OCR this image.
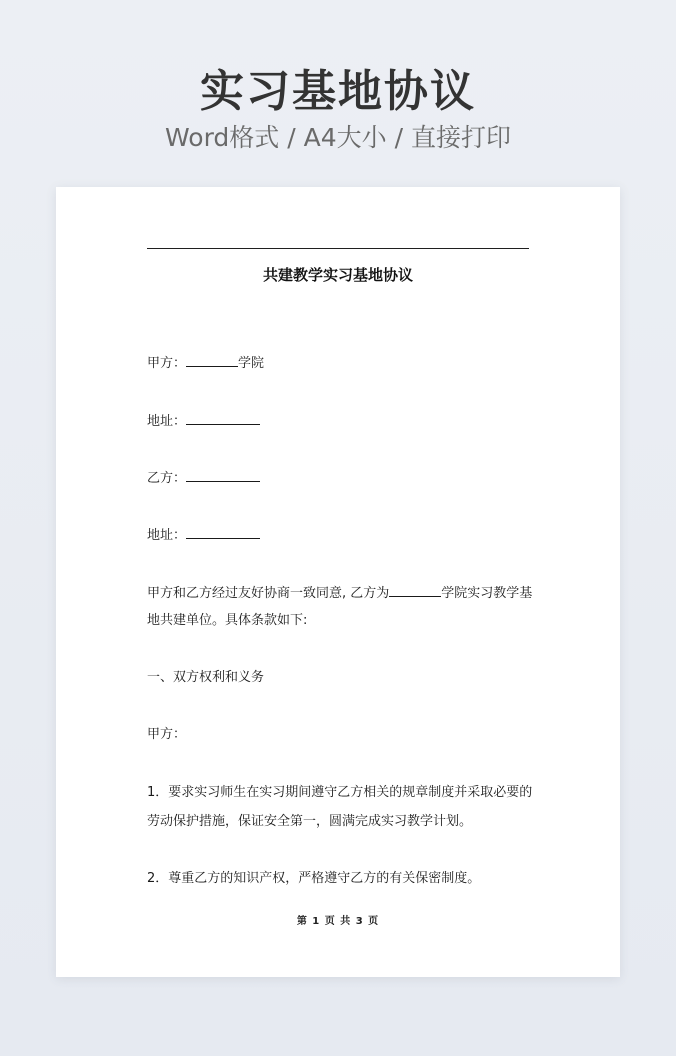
实习基地协议
Word格式 / A4大小 / 直接打印
共建教学实习基地协议
甲方：	学院
地址：
乙方：
地址：
甲方和乙方经过友好协商一致同意, 乙方为	学院实习教学基
地共建单位。具体条款如下:
一、双方权利和义务
甲方：
1．要求实习师生在实习期间遵守乙方相关的规章制度并采取必要的
劳动保护措施，保证安全第一，圆满完成实习教学计划。
2．尊重乙方的知识产权，严格遵守乙方的有关保密制度。
第 1 页 共 3 页
